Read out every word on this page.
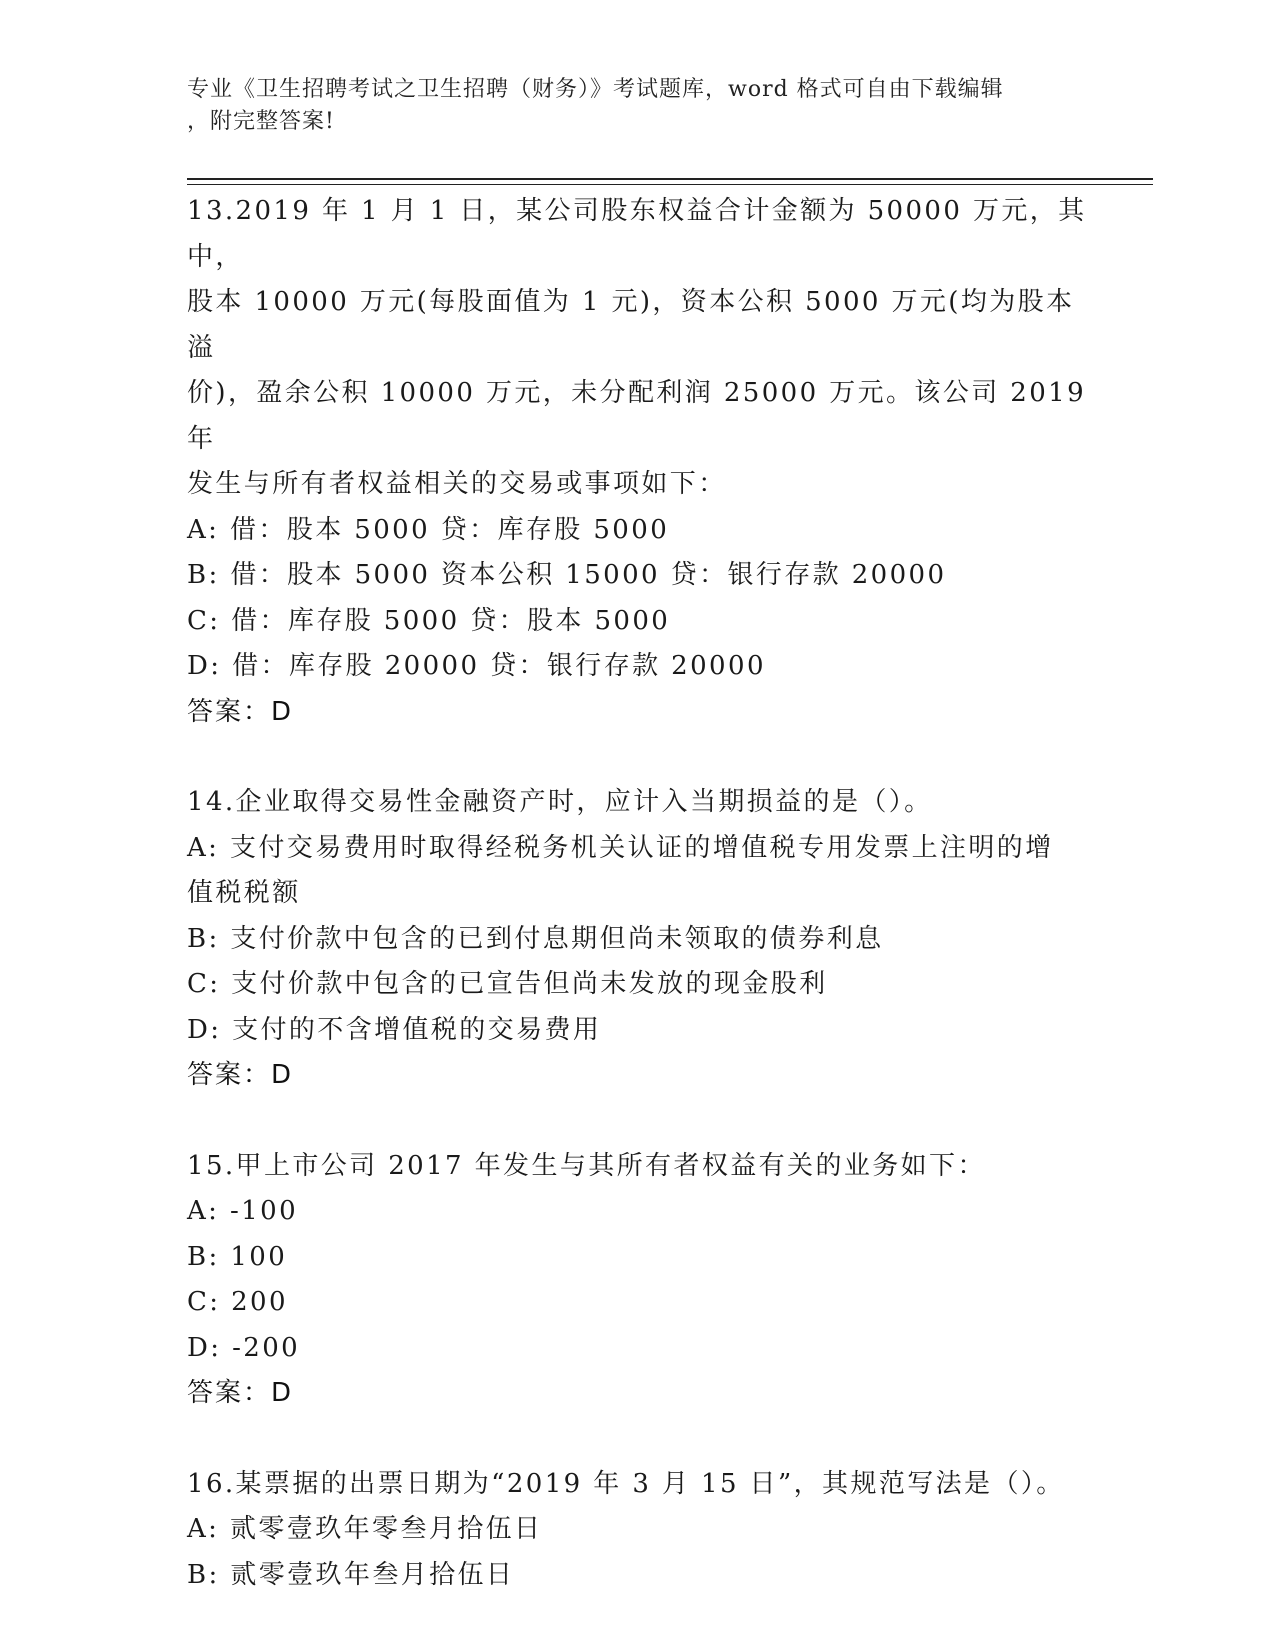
专业《卫生招聘考试之卫生招聘（财务）》考试题库，word 格式可自由下载编辑
，附完整答案!
13.2019 年 1 月 1 日，某公司股东权益合计金额为 50000 万元，其中，
股本 10000 万元(每股面值为 1 元)，资本公积 5000 万元(均为股本溢
价)，盈余公积 10000 万元，未分配利润 25000 万元。该公司 2019 年
发生与所有者权益相关的交易或事项如下：
A: 借：股本 5000 贷：库存股 5000
B: 借：股本 5000 资本公积 15000 贷：银行存款 20000
C: 借：库存股 5000 贷：股本 5000
D: 借：库存股 20000 贷：银行存款 20000
答案：D
14.企业取得交易性金融资产时，应计入当期损益的是（）。
A: 支付交易费用时取得经税务机关认证的增值税专用发票上注明的增
值税税额
B: 支付价款中包含的已到付息期但尚未领取的债券利息
C: 支付价款中包含的已宣告但尚未发放的现金股利
D: 支付的不含增值税的交易费用
答案：D
15.甲上市公司 2017 年发生与其所有者权益有关的业务如下：
A: -100
B: 100
C: 200
D: -200
答案：D
16.某票据的出票日期为“2019 年 3 月 15 日”，其规范写法是（）。
A: 贰零壹玖年零叁月拾伍日
B: 贰零壹玖年叁月拾伍日
